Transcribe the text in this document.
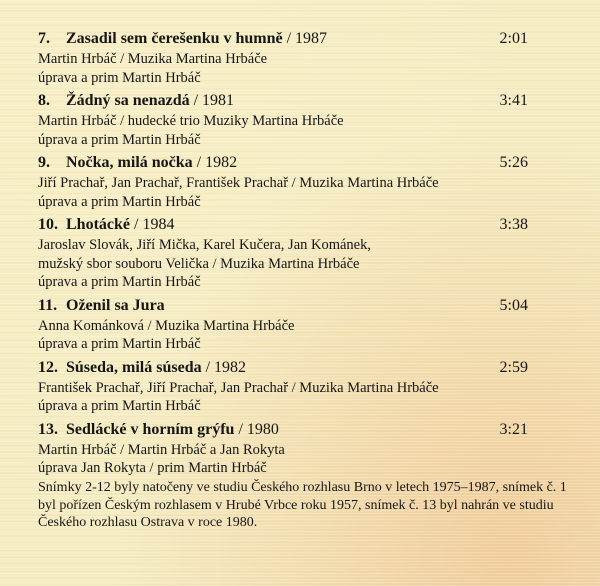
7. Zasadil sem čerešenku v humně / 1987	2:01
Martin Hrbáč / Muzika Martina Hrbáče
úprava a prim Martin Hrbáč
8. Žádný sa nenazdá / 1981	3:41
Martin Hrbáč / hudecké trio Muziky Martina Hrbáče
úprava a prim Martin Hrbáč
9. Nočka, milá nočka / 1982	5:26
Jiří Prachař, Jan Prachař, František Prachař / Muzika Martina Hrbáče
úprava a prim Martin Hrbáč
10. Lhotácké / 1984	3:38
Jaroslav Slovák, Jiří Mička, Karel Kučera, Jan Kománek,
mužský sbor souboru Velička / Muzika Martina Hrbáče
úprava a prim Martin Hrbáč
11. Oženil sa Jura	5:04
Anna Kománková / Muzika Martina Hrbáče
úprava a prim Martin Hrbáč
12. Súseda, milá súseda / 1982	2:59
František Prachař, Jiří Prachař, Jan Prachař / Muzika Martina Hrbáče
úprava a prim Martin Hrbáč
13. Sedlácké v horním grýfu / 1980	3:21
Martin Hrbáč / Martin Hrbáč a Jan Rokyta
úprava Jan Rokyta / prim Martin Hrbáč
Snímky 2-12 byly natočeny ve studiu Českého rozhlasu Brno v letech 1975–1987, snímek č. 1 byl pořízen Českým rozhlasem v Hrubé Vrbce roku 1957, snímek č. 13 byl nahrán ve studiu Českého rozhlasu Ostrava v roce 1980.
